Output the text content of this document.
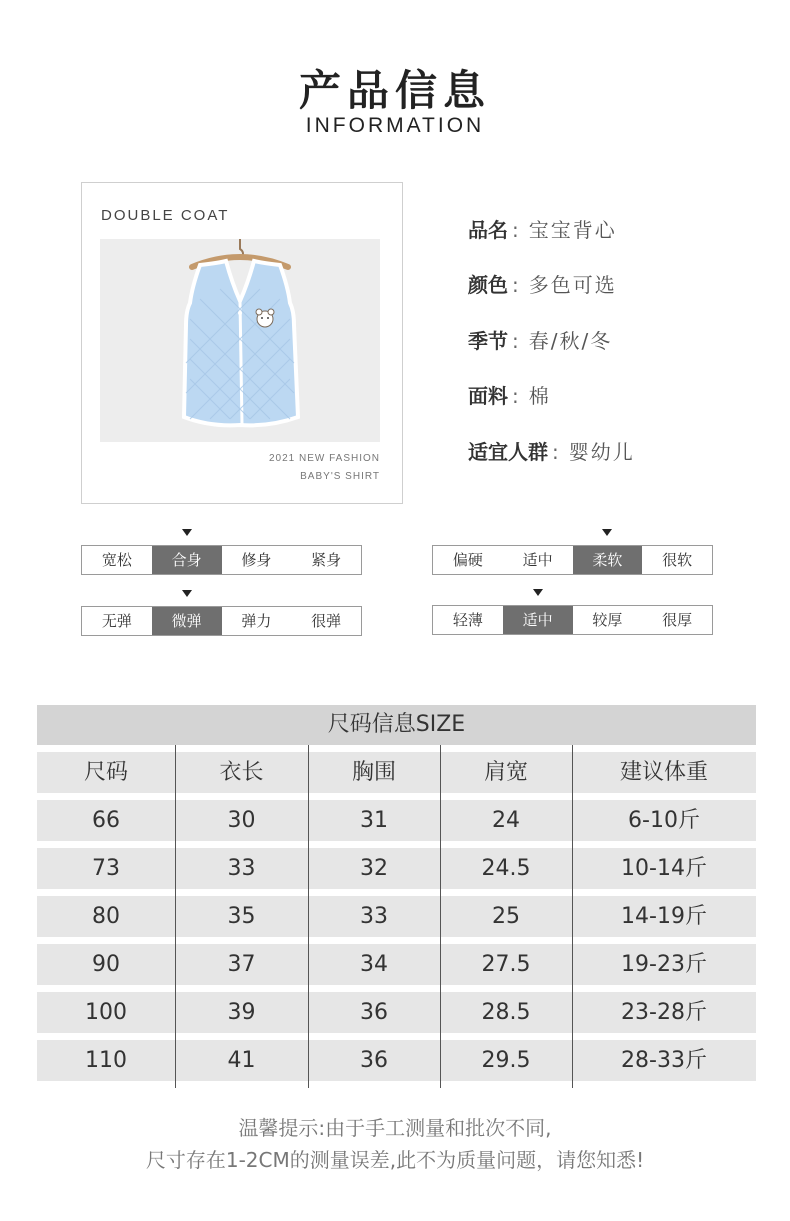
产品信息
INFORMATION
DOUBLE COAT
2021 NEW FASHION
BABY'S SHIRT
品名 : 宝宝背心
颜色 : 多色可选
季节 : 春/秋/冬
面料 : 棉
适宜人群 : 婴幼儿
宽松	合身	修身	紧身	偏硬	适中	柔软	很软
无弹	微弹	弹力	很弹	轻薄	适中	较厚	很厚
尺码信息SIZE
尺码	衣长	胸围	肩宽	建议体重
66	30	31	24	6-10斤
73	33	32	24.5	10-14斤
80	35	33	25	14-19斤
90	37	34	27.5	19-23斤
100	39	36	28.5	23-28斤
110	41	36	29.5	28-33斤
温馨提示:由于手工测量和批次不同,
尺寸存在1-2CM的测量误差,此不为质量问题，请您知悉!
